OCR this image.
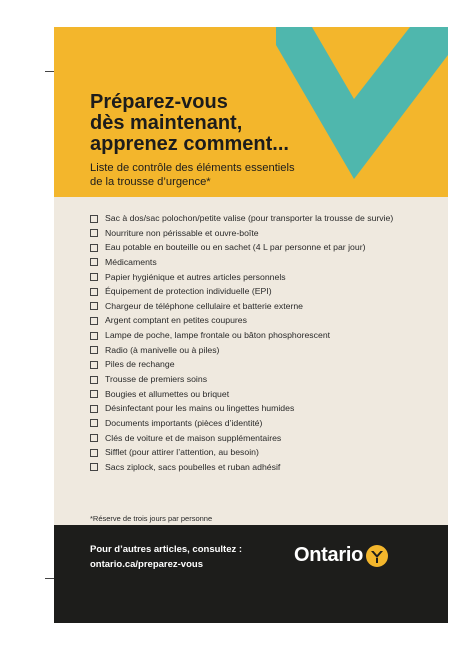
Préparez-vous
dès maintenant,
apprenez comment...
Liste de contrôle des éléments essentiels
de la trousse d’urgence*
Sac à dos/sac polochon/petite valise (pour transporter la trousse de survie)
Nourriture non périssable et ouvre-boîte
Eau potable en bouteille ou en sachet (4 L par personne et par jour)
Médicaments
Papier hygiénique et autres articles personnels
Équipement de protection individuelle (EPI)
Chargeur de téléphone cellulaire et batterie externe
Argent comptant en petites coupures
Lampe de poche, lampe frontale ou bâton phosphorescent
Radio (à manivelle ou à piles)
Piles de rechange
Trousse de premiers soins
Bougies et allumettes ou briquet
Désinfectant pour les mains ou lingettes humides
Documents importants (pièces d’identité)
Clés de voiture et de maison supplémentaires
Sifflet (pour attirer l’attention, au besoin)
Sacs ziplock, sacs poubelles et ruban adhésif
*Réserve de trois jours par personne
Pour d’autres articles, consultez :
ontario.ca/preparez-vous	Ontario
